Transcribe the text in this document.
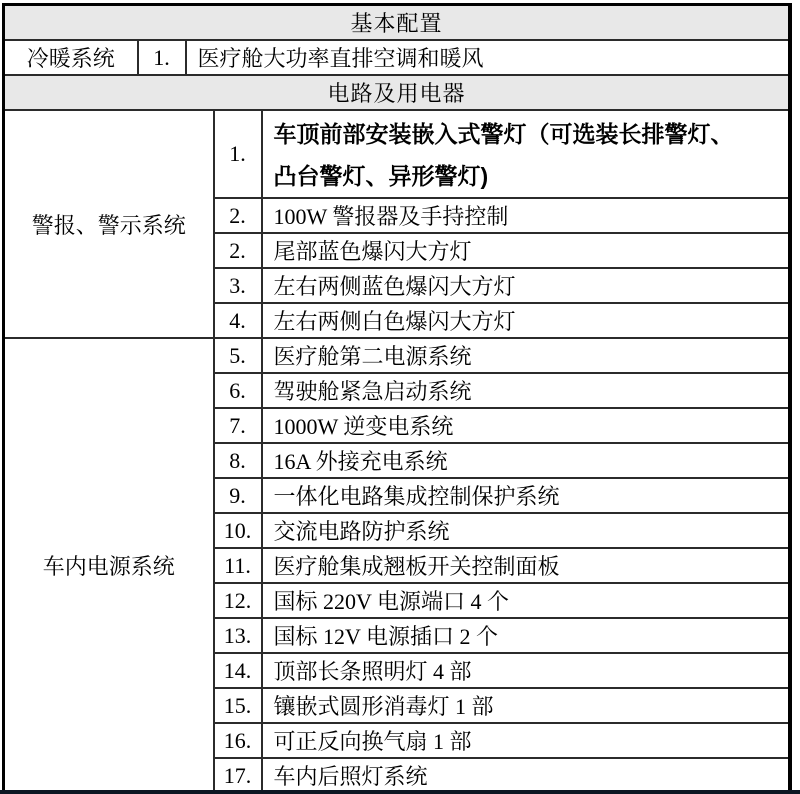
基本配置				
冷暖系统	1.	医疗舱大功率直排空调和暖风		
电路及用电器				
警报、警示系统			1.	车顶前部安装嵌入式警灯（可选装长排警灯、
凸台警灯、异形警灯)

			2.	100W 警报器及手持控制
			2.	尾部蓝色爆闪大方灯
			3.	左右两侧蓝色爆闪大方灯
			4.	左右两侧白色爆闪大方灯
车内电源系统			5.	医疗舱第二电源系统
			6.	驾驶舱紧急启动系统
			7.	1000W 逆变电系统
			8.	16A 外接充电系统
			9.	一体化电路集成控制保护系统
			10.	交流电路防护系统
			11.	医疗舱集成翘板开关控制面板
			12.	国标 220V 电源端口 4 个
			13.	国标 12V 电源插口 2 个
			14.	顶部长条照明灯 4 部
			15.	镶嵌式圆形消毒灯 1 部
			16.	可正反向换气扇 1 部
			17.	车内后照灯系统
